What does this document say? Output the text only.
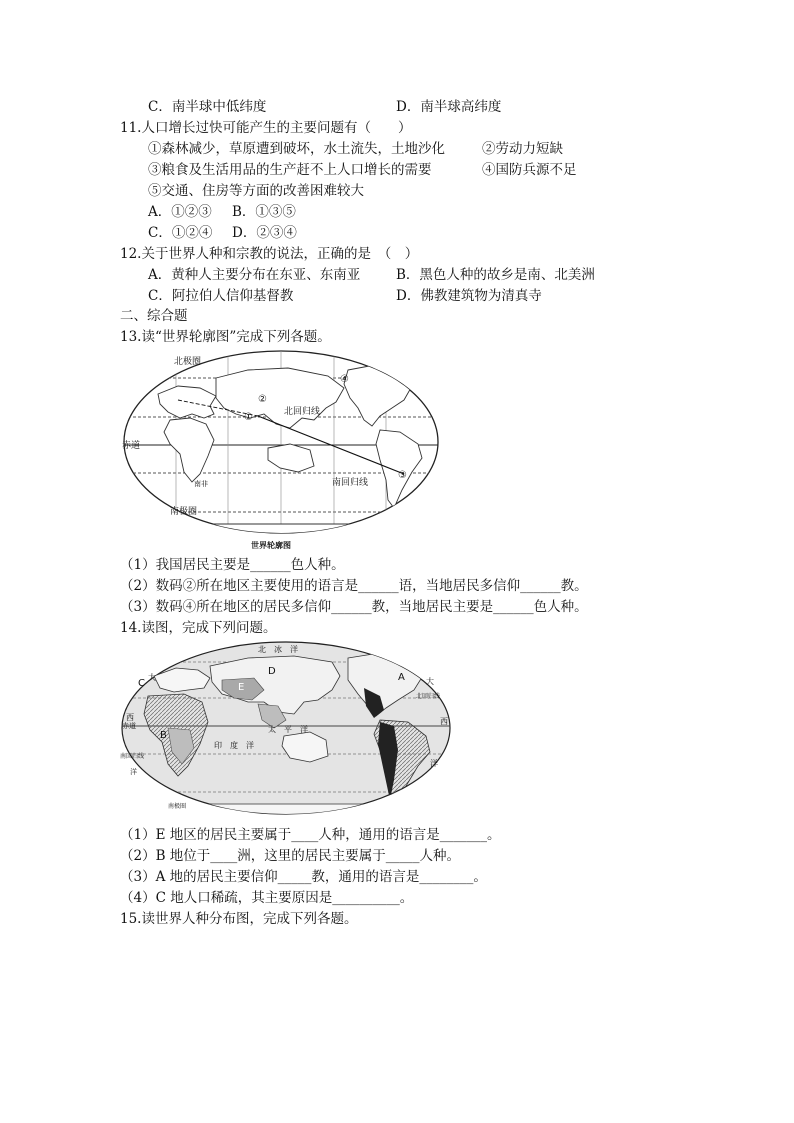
C．南半球中低纬度	D．南半球高纬度
11.人口增长过快可能产生的主要问题有（　　）
①森林减少，草原遭到破坏，水土流失，土地沙化	②劳动力短缺
③粮食及生活用品的生产赶不上人口增长的需要	④国防兵源不足
⑤交通、住房等方面的改善困难较大
A．①②③ B．①③⑤
C．①②④ D．②③④
12.关于世界人种和宗教的说法，正确的是　（　）
A．黄种人主要分布在东亚、东南亚	B．黑色人种的故乡是南、北美洲
C．阿拉伯人信仰基督教	D．佛教建筑物为清真寺
二、综合题
13.读“世界轮廓图”完成下列各题。
北极圈
北回归线
赤道
南回归线
南极圈
南非
①
②
③
④
世界轮廓图
（1）我国居民主要是______色人种。
（2）数码②所在地区主要使用的语言是______语，当地居民多信仰______教。
（3）数码④所在地区的居民多信仰______教，当地居民主要是______色人种。
14.读图，完成下列问题。
北　冰　洋
太　平　洋
印　度　洋
大
西
大
西
洋
北回归线
赤道
南回归线
洋
南极圈
A
B
C
D
E
（1）E 地区的居民主要属于____人种，通用的语言是_______。
（2）B 地位于____洲，这里的居民主要属于_____人种。
（3）A 地的居民主要信仰_____教，通用的语言是________。
（4）C 地人口稀疏，其主要原因是__________。
15.读世界人种分布图，完成下列各题。
